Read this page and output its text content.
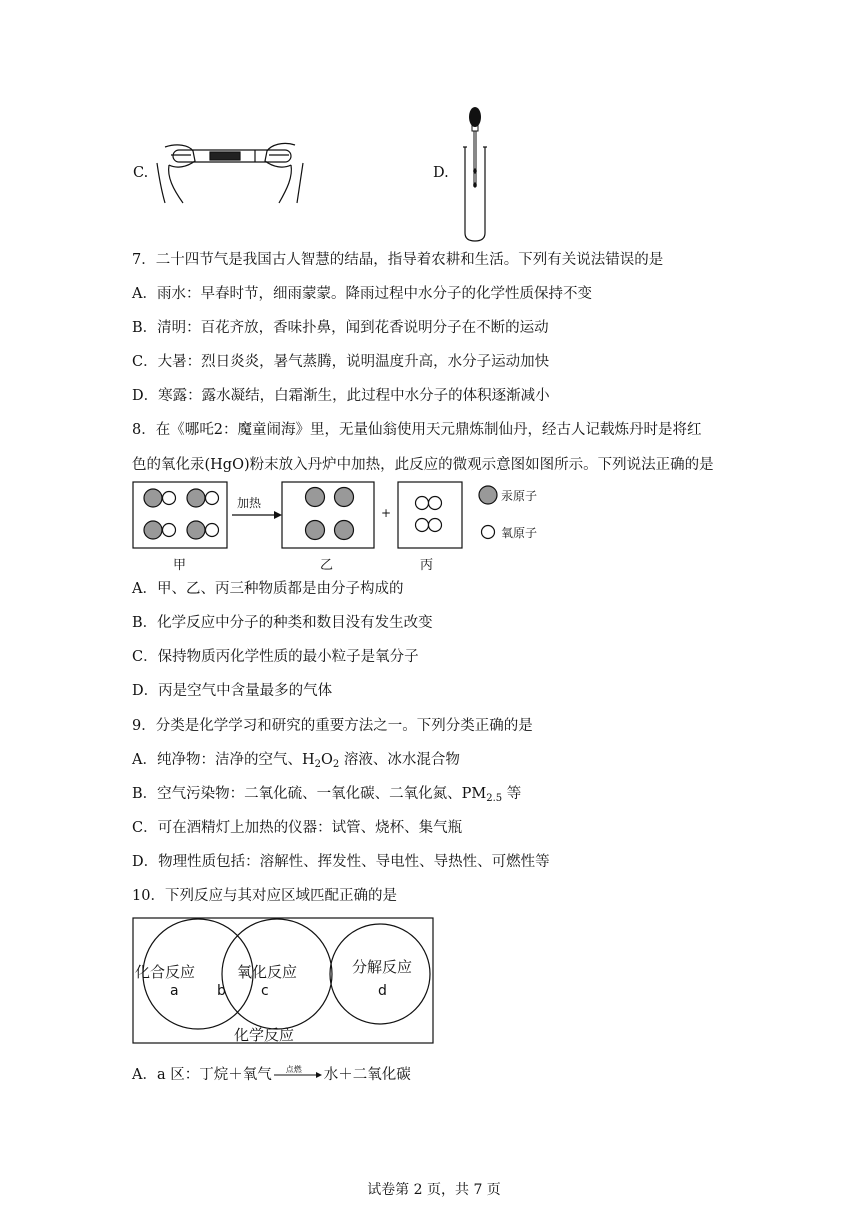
C.	D.
7．二十四节气是我国古人智慧的结晶，指导着农耕和生活。下列有关说法错误的是
A．雨水：早春时节，细雨蒙蒙。降雨过程中水分子的化学性质保持不变
B．清明：百花齐放，香味扑鼻，闻到花香说明分子在不断的运动
C．大暑：烈日炎炎，暑气蒸腾，说明温度升高，水分子运动加快
D．寒露：露水凝结，白霜渐生，此过程中水分子的体积逐渐减小
8．在《哪吒2：魔童闹海》里，无量仙翁使用天元鼎炼制仙丹，经古人记载炼丹时是将红
色的氧化汞(HgO)粉末放入丹炉中加热，此反应的微观示意图如图所示。下列说法正确的是
加热
+
汞原子
氧原子
甲	乙	丙
A．甲、乙、丙三种物质都是由分子构成的
B．化学反应中分子的种类和数目没有发生改变
C．保持物质丙化学性质的最小粒子是氧分子
D．丙是空气中含量最多的气体
9．分类是化学学习和研究的重要方法之一。下列分类正确的是
A．纯净物：洁净的空气、$H_2O_2$ 溶液、冰水混合物
B．空气污染物：二氧化硫、一氧化碳、二氧化氮、$PM_{2.5}$ 等
C．可在酒精灯上加热的仪器：试管、烧杯、集气瓶
D．物理性质包括：溶解性、挥发性、导电性、导热性、可燃性等
10．下列反应与其对应区域匹配正确的是
化合反应	氧化反应	分解反应
a	b	c	d
化学反应
A．a 区：丁烷＋氧气 点燃 水＋二氧化碳
试卷第 2 页，共 7 页
